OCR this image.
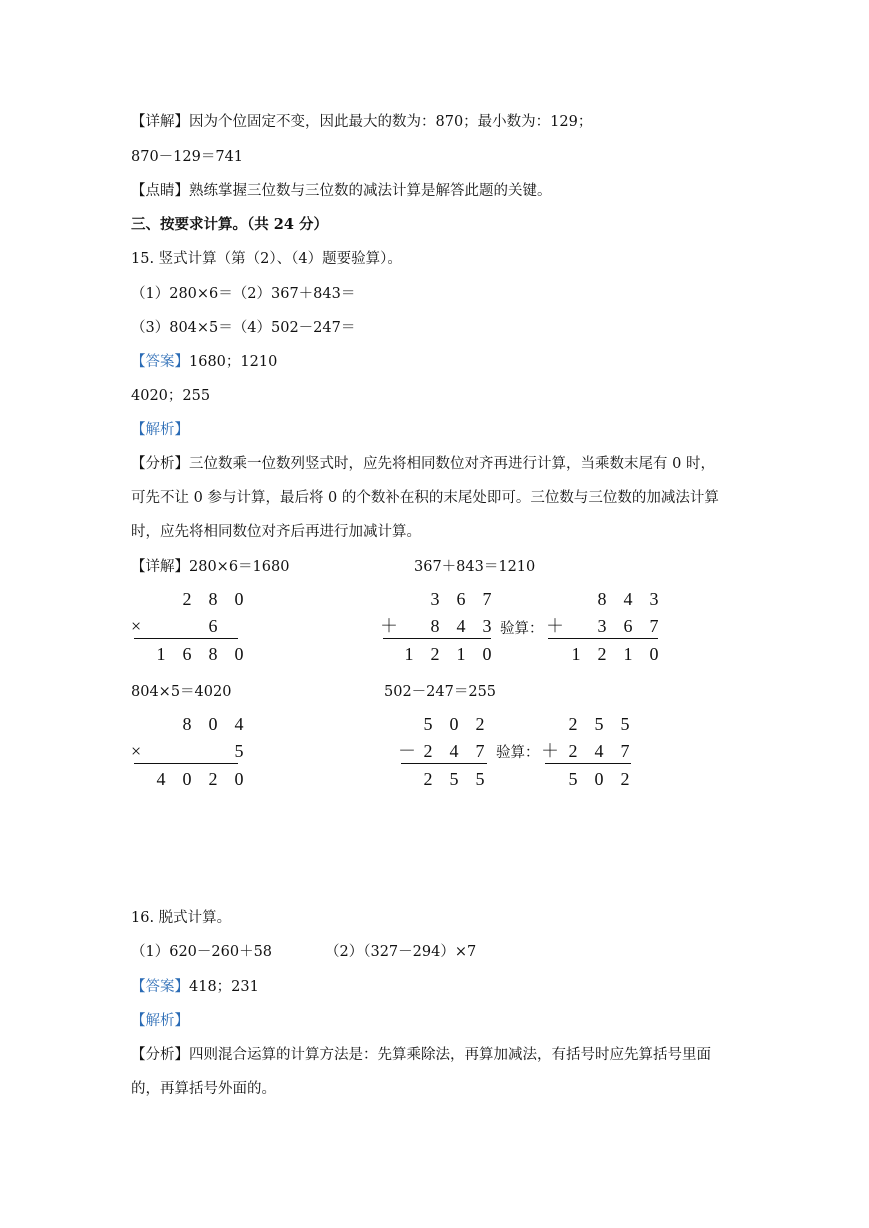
【详解】因为个位固定不变，因此最大的数为：870；最小数为：129；
870－129＝741
【点睛】熟练掌握三位数与三位数的减法计算是解答此题的关键。
三、按要求计算。（共 24 分）
15. 竖式计算（第（2）、（4）题要验算）。
（1）280×6＝（2）367＋843＝
（3）804×5＝（4）502－247＝
【答案】1680；1210
4020；255
【解析】
【分析】三位数乘一位数列竖式时，应先将相同数位对齐再进行计算，当乘数末尾有 0 时，
可先不让 0 参与计算，最后将 0 的个数补在积的末尾处即可。三位数与三位数的加减法计算
时，应先将相同数位对齐后再进行加减计算。
【详解】280×6＝1680	367＋843＝1210
2 8 0
×	6
1 6 8 0
3 6 7
＋	8 4 3
1 2 1 0
验算：
8 4 3
＋	3 6 7
1 2 1 0
804×5＝4020	502－247＝255
8 0 4
×	5
4 0 2 0
5 0 2
－ 2 4 7
2 5 5
验算：
2 5 5
＋ 2 4 7
5 0 2
16. 脱式计算。
（1）620－260＋58	（2）（327－294）×7
【答案】418；231
【解析】
【分析】四则混合运算的计算方法是：先算乘除法，再算加减法，有括号时应先算括号里面
的，再算括号外面的。
